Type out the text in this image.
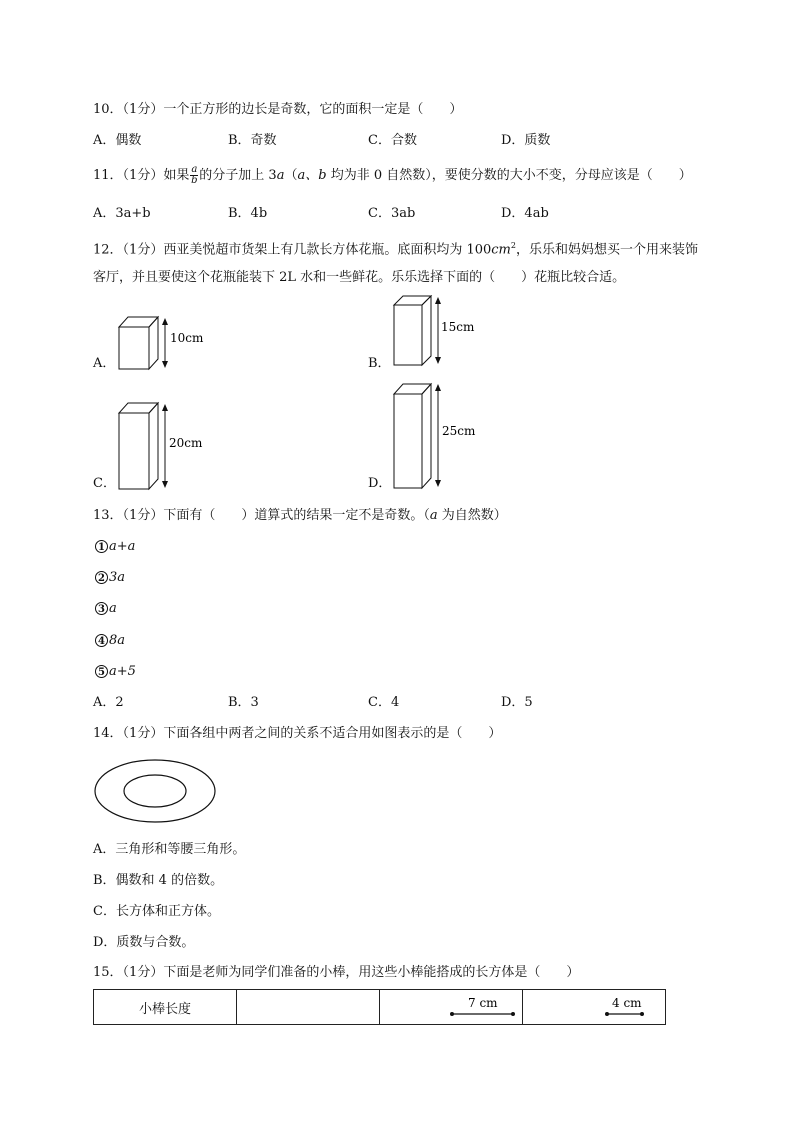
10．（1分）一个正方形的边长是奇数，它的面积一定是（　　）
A．偶数	B．奇数	C．合数	D．质数
11．（1分）如果 $\frac{a}{b}$ 的分子加上 3a（a、b 均为非 0 自然数），要使分数的大小不变，分母应该是（　　）
A．3a+b	B．4b	C．3ab	D．4ab
12．（1分）西亚美悦超市货架上有几款长方体花瓶。底面积均为 $100cm^2$，乐乐和妈妈想买一个用来装饰
客厅，并且要使这个花瓶能装下 2L 水和一些鲜花。乐乐选择下面的（　　）花瓶比较合适。
10cm
A．
15cm
B．
20cm
C．
25cm
D．
13．（1分）下面有（　　）道算式的结果一定不是奇数。（a 为自然数）
1 a+a
2 3a
3 a
4 8a
5 a+5
A．2	B．3	C．4	D．5
14．（1分）下面各组中两者之间的关系不适合用如图表示的是（　　）
A．三角形和等腰三角形。
B．偶数和 4 的倍数。
C．长方体和正方体。
D．质数与合数。
15．（1分）下面是老师为同学们准备的小棒，用这些小棒能搭成的长方体是（　　）
小棒长度		7 cm	4 cm
